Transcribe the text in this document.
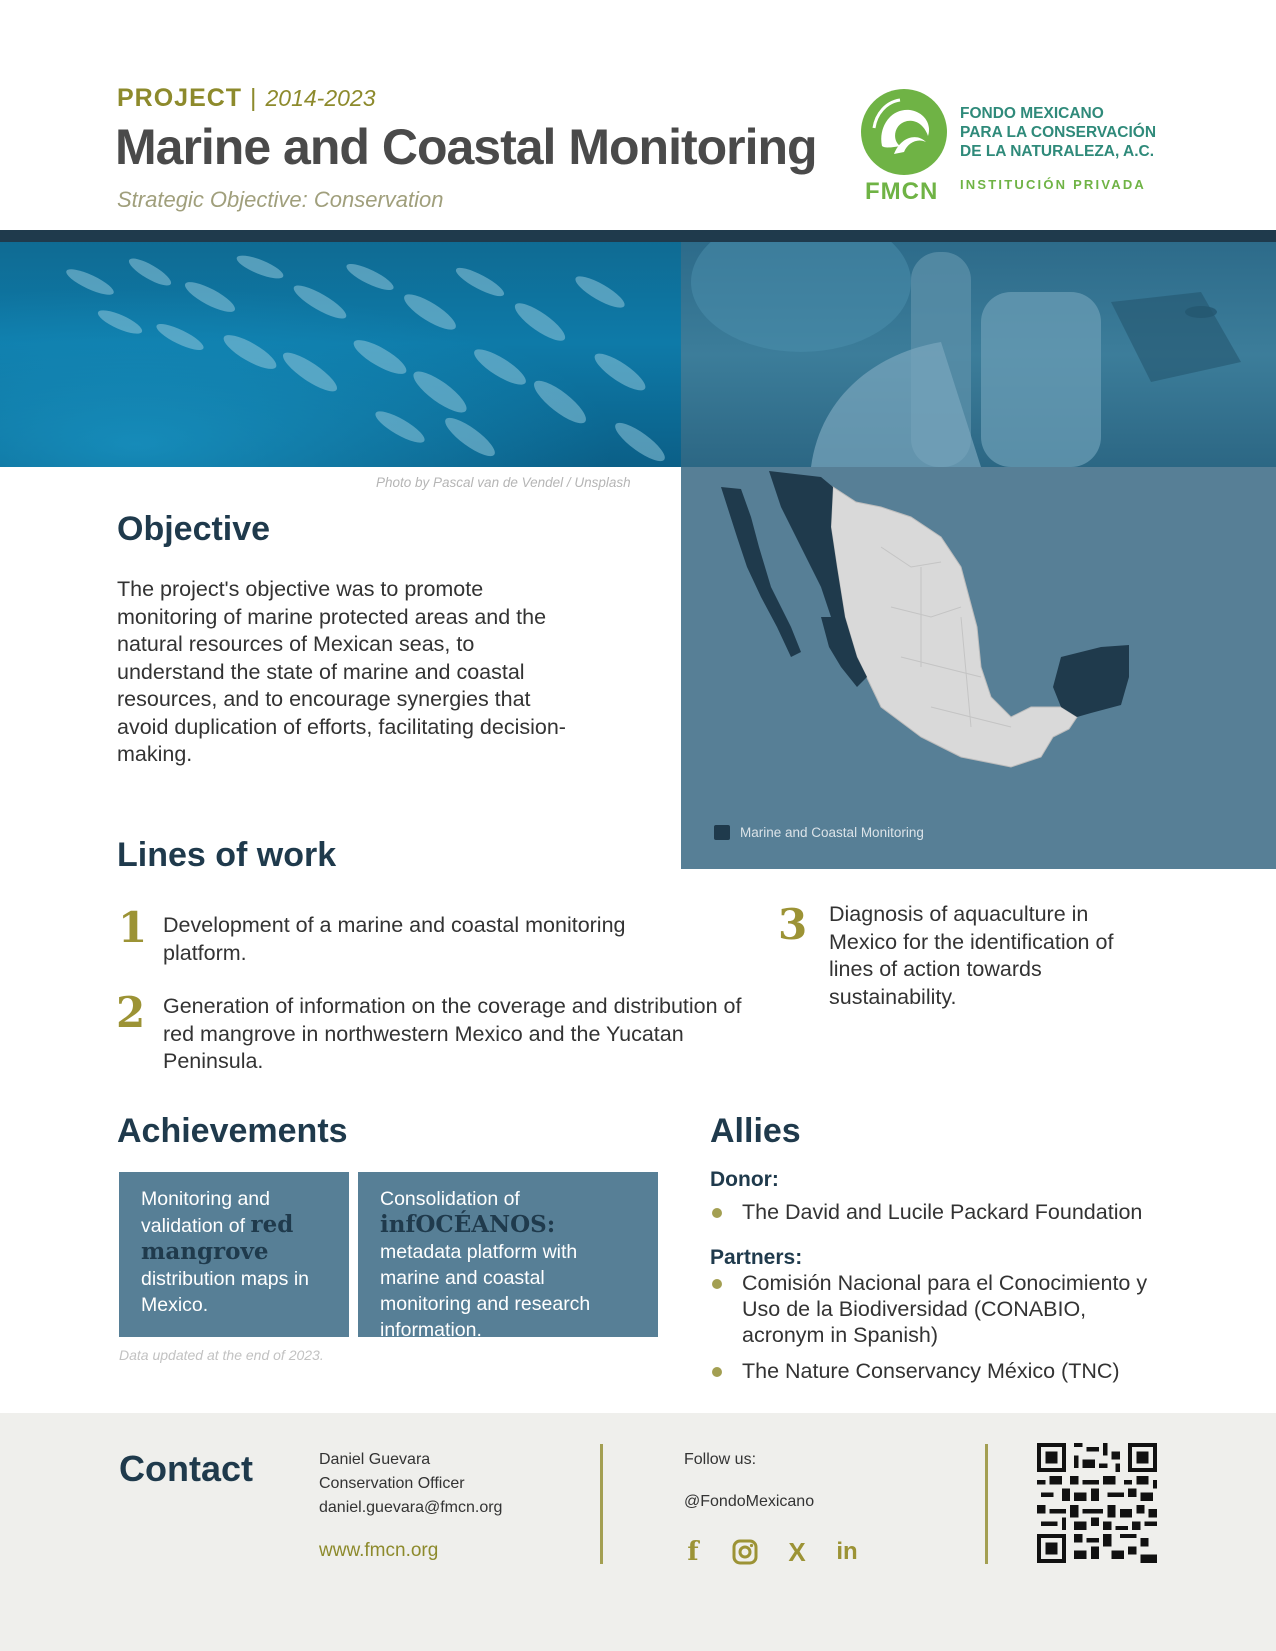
PROJECT | 2014-2023
Marine and Coastal Monitoring
Strategic Objective: Conservation	FMCN
FONDO MEXICANO
PARA LA CONSERVACIÓN
DE LA NATURALEZA, A.C.
INSTITUCIÓN PRIVADA
Photo by Pascal van de Vendel / Unsplash
Marine and Coastal Monitoring
Objective
The project's objective was to promote monitoring of marine protected areas and the natural resources of Mexican seas, to understand the state of marine and coastal resources, and to encourage synergies that avoid duplication of efforts, facilitating decision-making.
Lines of work
1 Development of a marine and coastal monitoring platform.
2 Generation of information on the coverage and distribution of red mangrove in northwestern Mexico and the Yucatan Peninsula.
3 Diagnosis of aquaculture in Mexico for the identification of lines of action towards sustainability.
Achievements
Monitoring and validation of red mangrove distribution maps in Mexico.
Consolidation of infOCÉANOS: metadata platform with marine and coastal monitoring and research information.
Data updated at the end of 2023.
Allies
Donor:
The David and Lucile Packard Foundation
Partners:
Comisión Nacional para el Conocimiento y Uso de la Biodiversidad (CONABIO, acronym in Spanish)
The Nature Conservancy México (TNC)
Contact	Daniel Guevara
Conservation Officer
daniel.guevara@fmcn.org
www.fmcn.org
Follow us:
@FondoMexicano
f	X in
